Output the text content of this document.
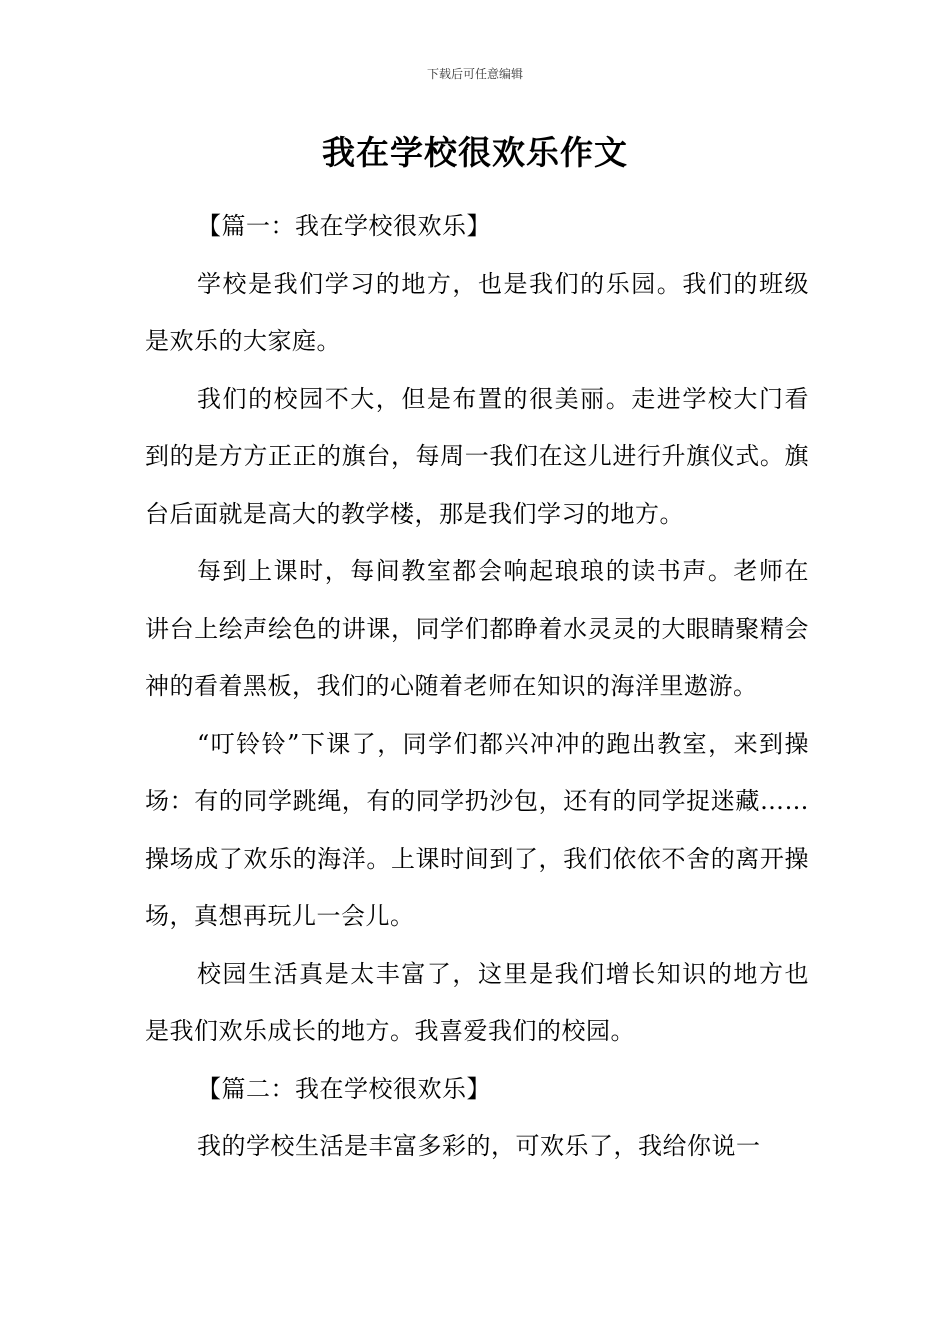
下载后可任意编辑
我在学校很欢乐作文

【篇一：我在学校很欢乐】

学校是我们学习的地方，也是我们的乐园。我们的班级是欢乐的大家庭。

我们的校园不大，但是布置的很美丽。走进学校大门看到的是方方正正的旗台，每周一我们在这儿进行升旗仪式。旗台后面就是高大的教学楼，那是我们学习的地方。

每到上课时，每间教室都会响起琅琅的读书声。老师在讲台上绘声绘色的讲课，同学们都睁着水灵灵的大眼睛聚精会神的看着黑板，我们的心随着老师在知识的海洋里遨游。

“叮铃铃”下课了，同学们都兴冲冲的跑出教室，来到操场：有的同学跳绳，有的同学扔沙包，还有的同学捉迷藏……操场成了欢乐的海洋。上课时间到了，我们依依不舍的离开操场，真想再玩儿一会儿。

校园生活真是太丰富了，这里是我们增长知识的地方也是我们欢乐成长的地方。我喜爱我们的校园。

【篇二：我在学校很欢乐】

我的学校生活是丰富多彩的，可欢乐了，我给你说一
